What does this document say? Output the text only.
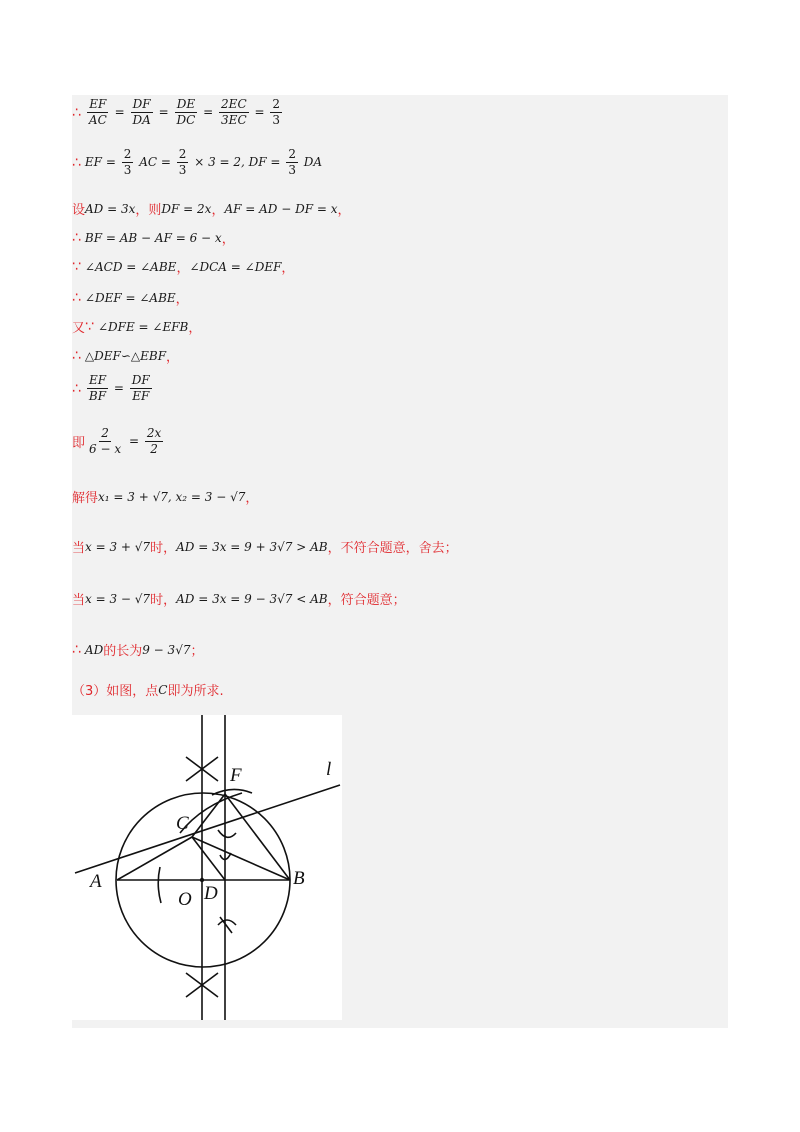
∴ $\frac{EF}{AC} = \frac{DF}{DA} = \frac{DE}{DC} = \frac{2EC}{3EC} = \frac{2}{3}$
∴ EF = $\frac{2}{3}$ AC = $\frac{2}{3} \times 3 = 2$, DF = $\frac{2}{3}$ DA
设 AD = 3x ，则 DF = 2x ， AF = AD − DF = x ，
∴ BF = AB − AF = 6 − x ，
∵ ∠ACD = ∠ABE ， ∠DCA = ∠DEF ，
∴ ∠DEF = ∠ABE ，
又 ∵ ∠DFE = ∠EFB ，
∴ △DEF∽△EBF ，
∴ $\frac{EF}{BF} = \frac{DF}{EF}$
即 $\frac{2}{6 - x} = \frac{2x}{2}$
解得 x₁ = 3 + √7, x₂ = 3 − √7 ，
当 x = 3 + √7 时， AD = 3x = 9 + 3√7 > AB ，不符合题意，舍去；
当 x = 3 − √7 时， AD = 3x = 9 − 3√7 < AB ，符合题意；
∴ AD 的长为 9 − 3√7 ；
（3）如图，点 C 即为所求.
A	B
C
D
O
F	l
